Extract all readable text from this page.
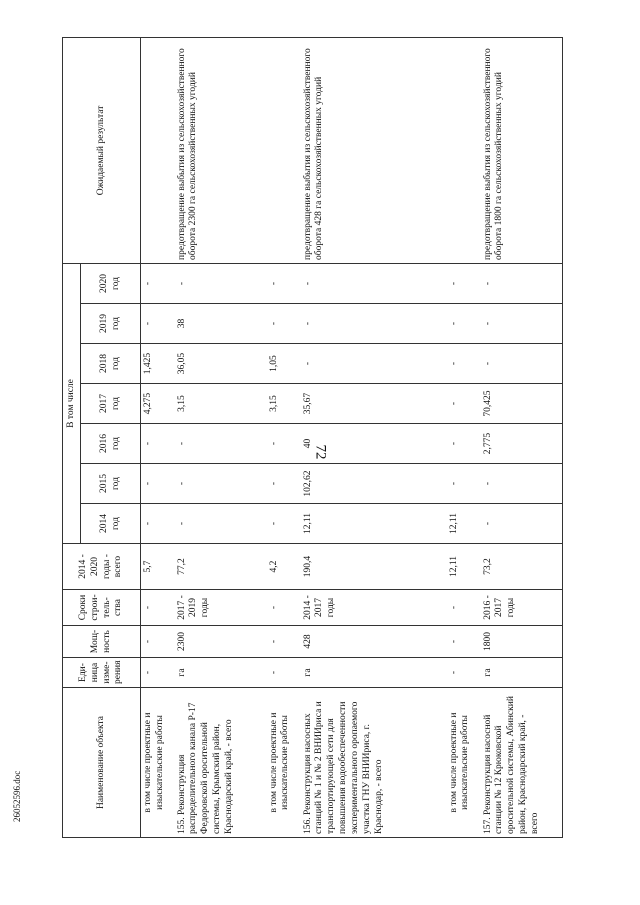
72
26052596.doc	Наименование объекта	Еди- ница изме- рения	Мощ- ность	Сроки строи- тель- ства	2014 - 2020 годы - всего	В том числе							Ожидаемый результат
					2014 год	2015 год	2016 год	2017 год	2018 год	2019 год	2020 год	
в том числе проектные и изыскательские работы	-	-	-	5,7	-	-	-	4,275	1,425	-	-	
155. Реконструкция распределительного канала Р-17 Федоровской оросительной системы, Крымский район, Краснодарский край, - всего	га	2300	2017 - 2019 годы	77,2	-	-	-	3,15	36,05	38	-	предотвращение выбытия из сельскохозяйственного оборота 2300 га сельскохозяйственных угодий
в том числе проектные и изыскательские работы	-	-	-	4,2	-	-	-	3,15	1,05	-	-	
156. Реконструкция насосных станций № 1 и № 2 ВНИИриса и транспортирующей сети для повышения водообеспеченности экспериментального оропаемого участка ГНУ ВНИИриса, г. Краснодар, - всего	га	428	2014 - 2017 годы	190,4	12,11	102,62	40	35,67	-	-	-	предотвращение выбытия из сельскохозяйственного оборота 428 га сельскохозяйственных угодий
в том числе проектные и изыскательские работы	-	-	-	12,11	12,11	-	-	-	-	-	-	
157. Реконструкция насосной станции № 12 Крюковской оросительной системы, Абинский район, Краснодарский край, - всего	га	1800	2016 - 2017 годы	73,2	-	-	2,775	70,425	-	-	-	предотвращение выбытия из сельскохозяйственного оборота 1800 га сельскохозяйственных угодий
